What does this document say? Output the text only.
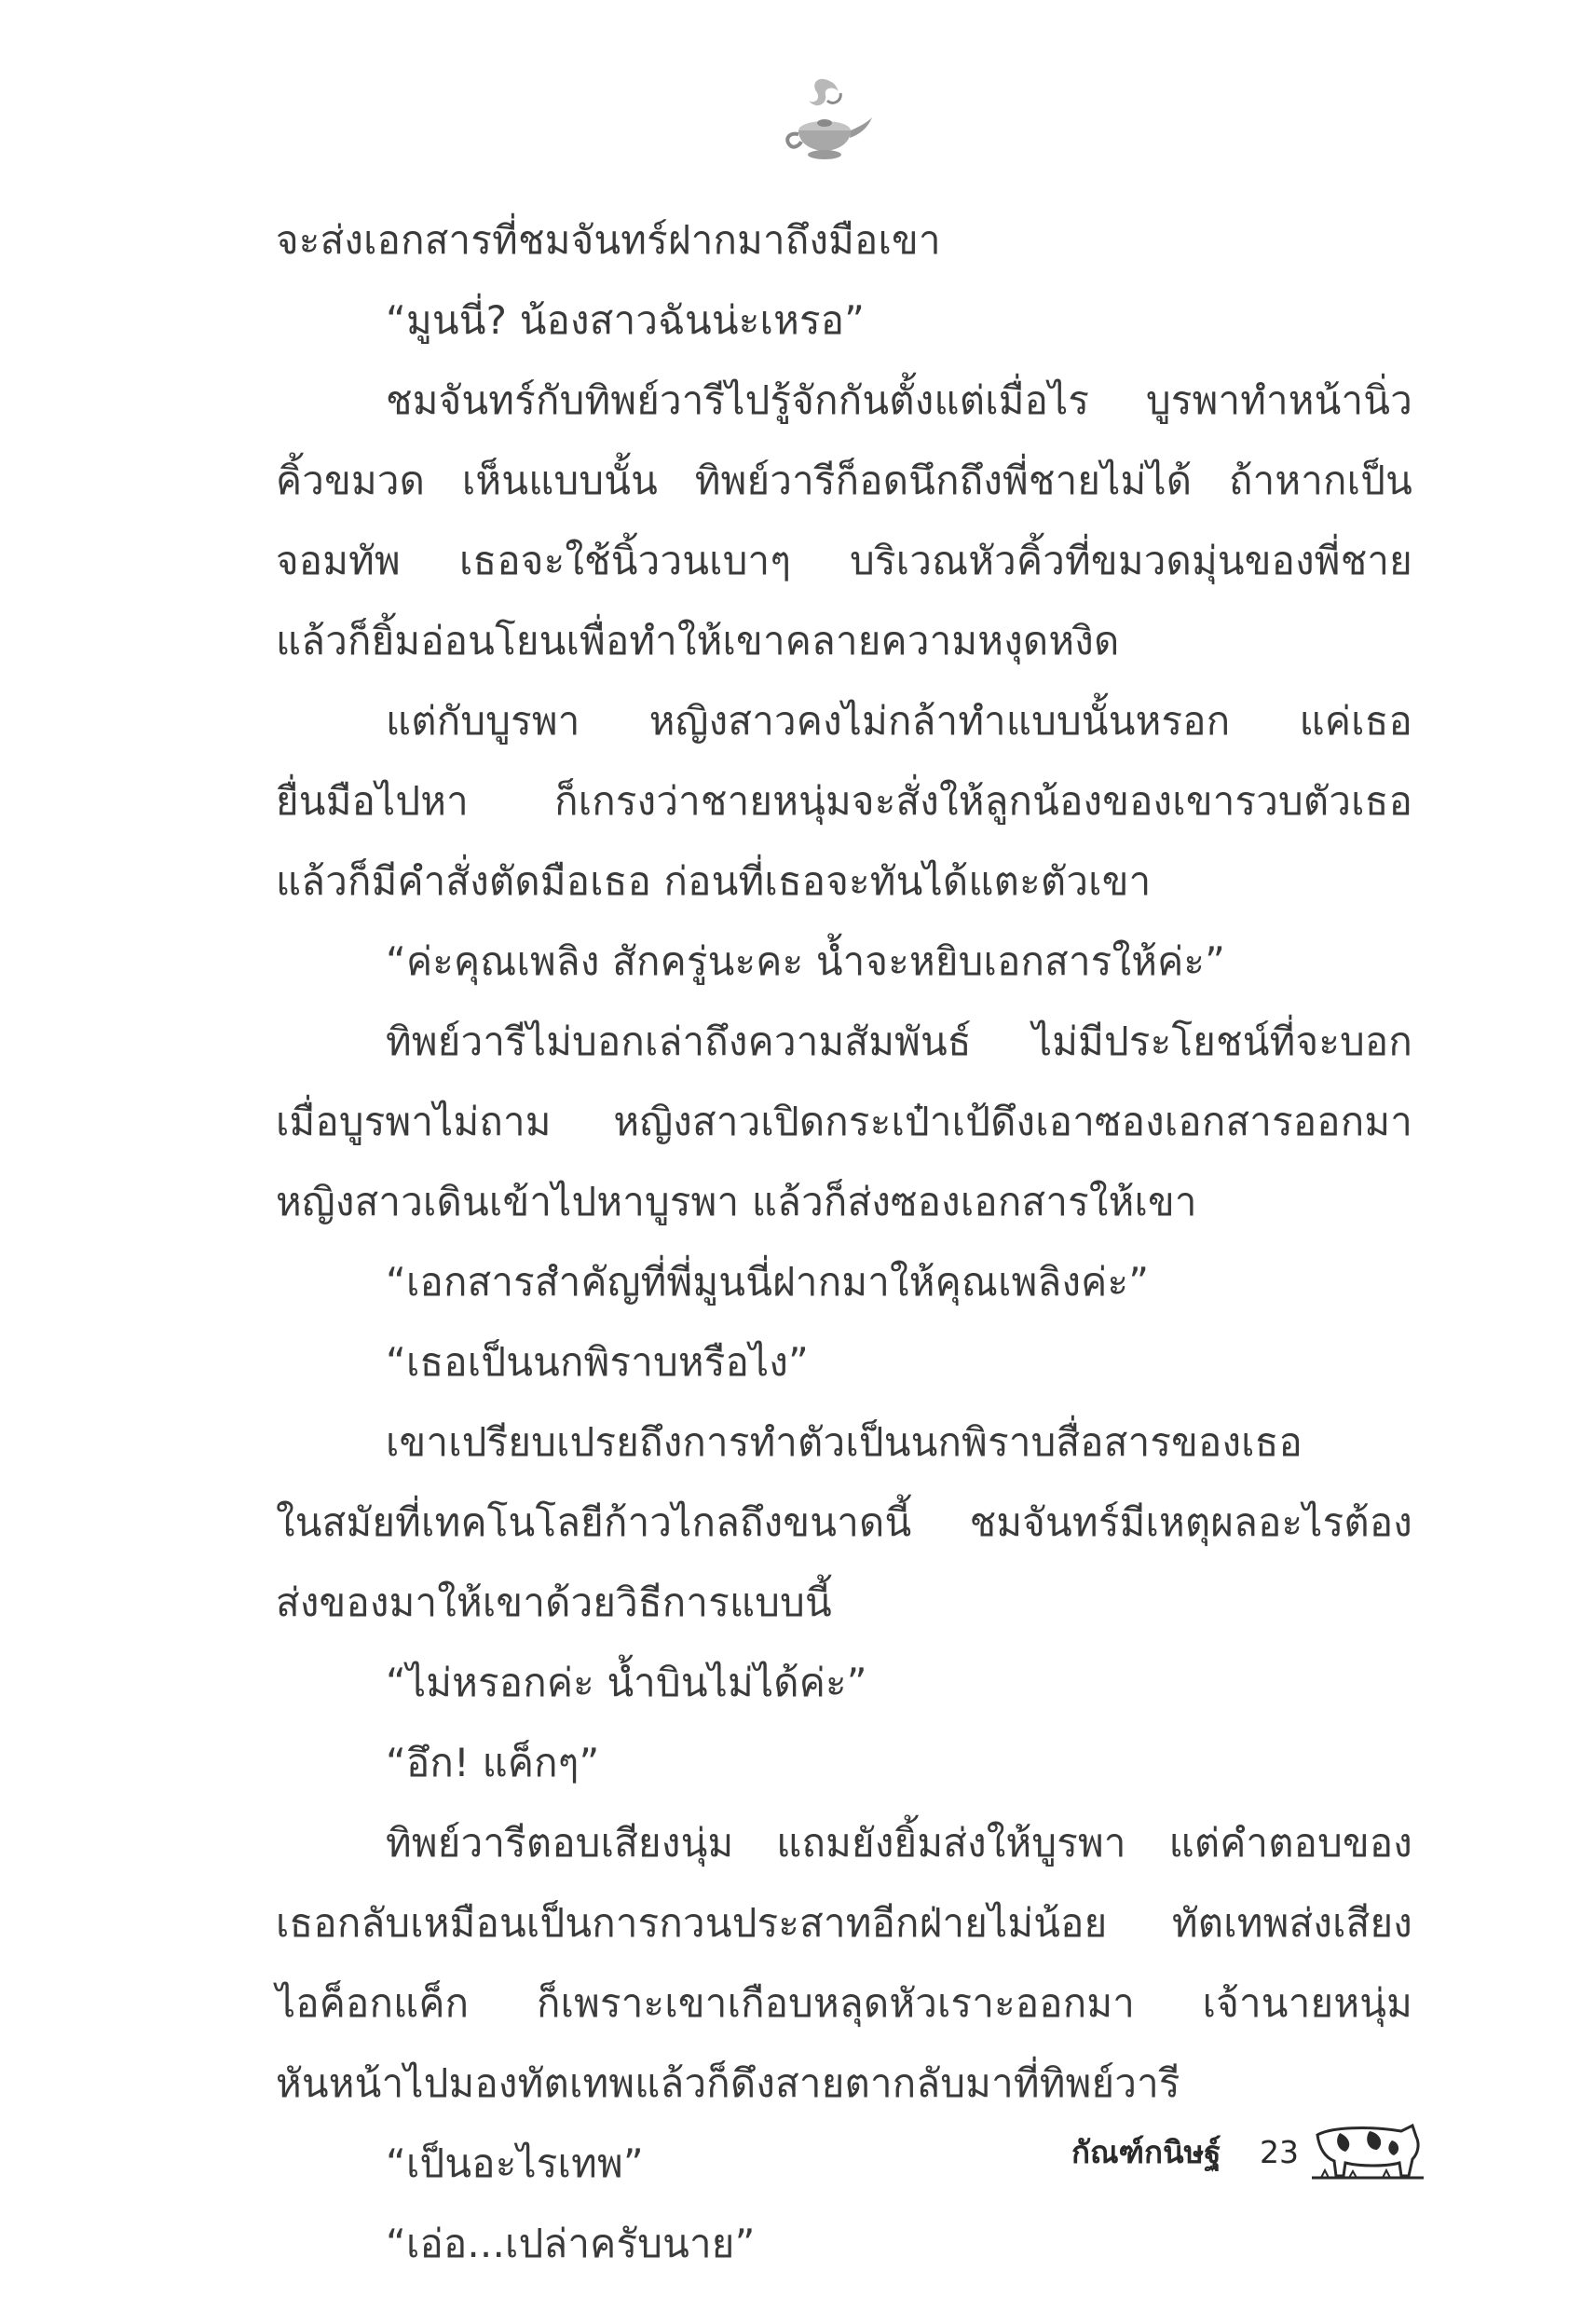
จะส่งเอกสารที่ชมจันทร์ฝากมาถึงมือเขา
“มูนนี่? น้องสาวฉันน่ะเหรอ”
ชมจันทร์กับทิพย์วารีไปรู้จักกันตั้งแต่เมื่อไร บูรพาทำหน้านิ่ว
คิ้วขมวด เห็นแบบนั้น ทิพย์วารีก็อดนึกถึงพี่ชายไม่ได้ ถ้าหากเป็น
จอมทัพ เธอจะใช้นิ้ววนเบาๆ บริเวณหัวคิ้วที่ขมวดมุ่นของพี่ชาย
แล้วก็ยิ้มอ่อนโยนเพื่อทำให้เขาคลายความหงุดหงิด
แต่กับบูรพา หญิงสาวคงไม่กล้าทำแบบนั้นหรอก แค่เธอ
ยื่นมือไปหา ก็เกรงว่าชายหนุ่มจะสั่งให้ลูกน้องของเขารวบตัวเธอ
แล้วก็มีคำสั่งตัดมือเธอ ก่อนที่เธอจะทันได้แตะตัวเขา
“ค่ะคุณเพลิง สักครู่นะคะ น้ำจะหยิบเอกสารให้ค่ะ”
ทิพย์วารีไม่บอกเล่าถึงความสัมพันธ์ ไม่มีประโยชน์ที่จะบอก
เมื่อบูรพาไม่ถาม หญิงสาวเปิดกระเป๋าเป้ดึงเอาซองเอกสารออกมา
หญิงสาวเดินเข้าไปหาบูรพา แล้วก็ส่งซองเอกสารให้เขา
“เอกสารสำคัญที่พี่มูนนี่ฝากมาให้คุณเพลิงค่ะ”
“เธอเป็นนกพิราบหรือไง”
เขาเปรียบเปรยถึงการทำตัวเป็นนกพิราบสื่อสารของเธอ
ในสมัยที่เทคโนโลยีก้าวไกลถึงขนาดนี้ ชมจันทร์มีเหตุผลอะไรต้อง
ส่งของมาให้เขาด้วยวิธีการแบบนี้
“ไม่หรอกค่ะ น้ำบินไม่ได้ค่ะ”
“อึก! แค็กๆ”
ทิพย์วารีตอบเสียงนุ่ม แถมยังยิ้มส่งให้บูรพา แต่คำตอบของ
เธอกลับเหมือนเป็นการกวนประสาทอีกฝ่ายไม่น้อย ทัตเทพส่งเสียง
ไอค็อกแค็ก ก็เพราะเขาเกือบหลุดหัวเราะออกมา เจ้านายหนุ่ม
หันหน้าไปมองทัตเทพแล้วก็ดึงสายตากลับมาที่ทิพย์วารี
“เป็นอะไรเทพ”
“เอ่อ...เปล่าครับนาย”
กัณฑ์กนิษฐ์ 23
